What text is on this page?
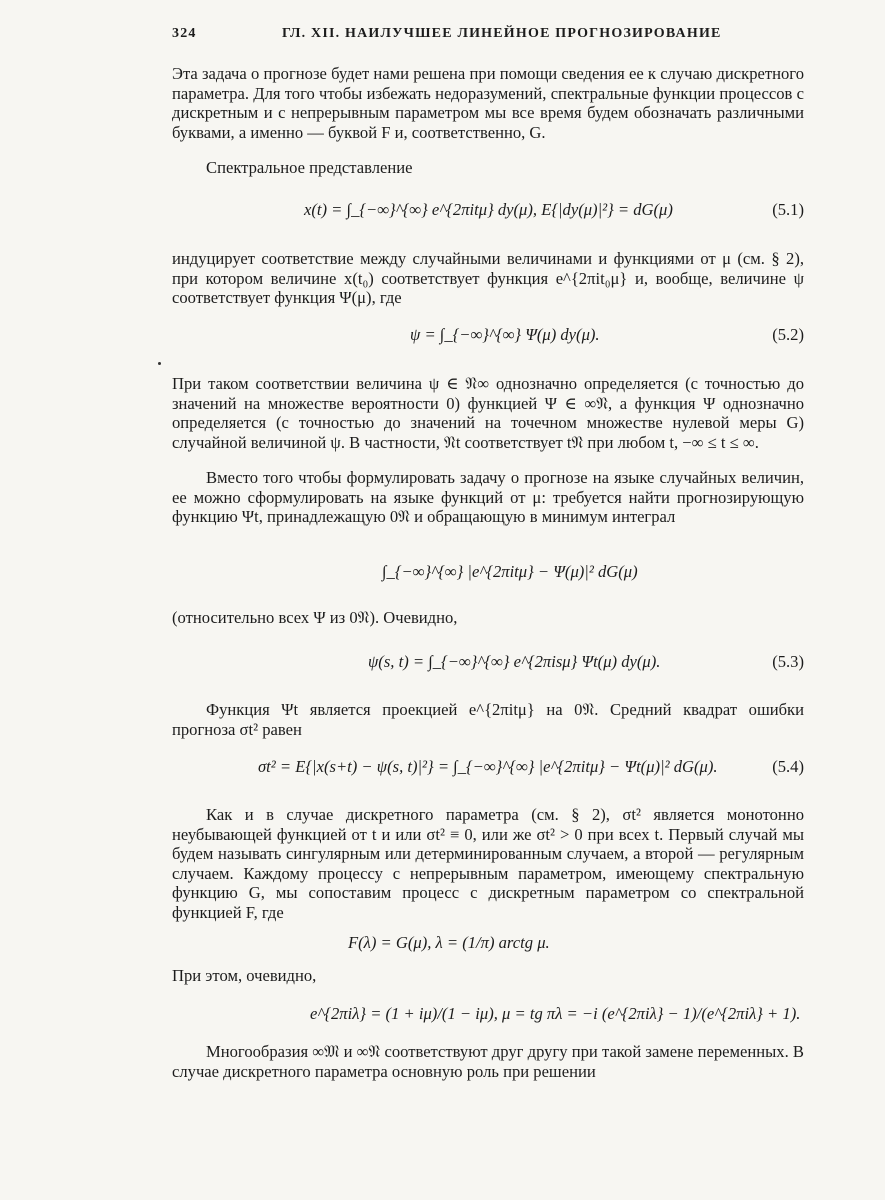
324	ГЛ. XII. НАИЛУЧШЕЕ ЛИНЕЙНОЕ ПРОГНОЗИРОВАНИЕ

Эта задача о прогнозе будет нами решена при помощи сведения ее к случаю дискретного параметра. Для того чтобы избежать недоразумений, спектральные функции процессов с дискретным и с непрерывным параметром мы все время будем обозначать различными буквами, а именно — буквой F и, соответственно, G.

Спектральное представление

x(t) = ∫_{−∞}^{∞} e^{2πitμ} dy(μ), E{|dy(μ)|²} = dG(μ)	(5.1)

индуцирует соответствие между случайными величинами и функциями от μ (см. § 2), при котором величине x(t₀) соответствует функция e^{2πit₀μ} и, вообще, величине ψ соответствует функция Ψ(μ), где

ψ = ∫_{−∞}^{∞} Ψ(μ) dy(μ).	(5.2)

При таком соответствии величина ψ ∈ 𝔑∞ однозначно определяется (с точностью до значений на множестве вероятности 0) функцией Ψ ∈ ∞𝔑, а функция Ψ однозначно определяется (с точностью до значений на точечном множестве нулевой меры G) случайной величиной ψ. В частности, 𝔑t соответствует t𝔑 при любом t, −∞ ≤ t ≤ ∞.

Вместо того чтобы формулировать задачу о прогнозе на языке случайных величин, ее можно сформулировать на языке функций от μ: требуется найти прогнозирующую функцию Ψt, принадлежащую 0𝔑 и обращающую в минимум интеграл

∫_{−∞}^{∞} |e^{2πitμ} − Ψ(μ)|² dG(μ)

(относительно всех Ψ из 0𝔑). Очевидно,

ψ(s, t) = ∫_{−∞}^{∞} e^{2πisμ} Ψt(μ) dy(μ).	(5.3)

Функция Ψt является проекцией e^{2πitμ} на 0𝔑. Средний квадрат ошибки прогноза σt² равен

σt² = E{|x(s+t) − ψ(s, t)|²} = ∫_{−∞}^{∞} |e^{2πitμ} − Ψt(μ)|² dG(μ).	(5.4)

Как и в случае дискретного параметра (см. § 2), σt² является монотонно неубывающей функцией от t и или σt² ≡ 0, или же σt² > 0 при всех t. Первый случай мы будем называть сингулярным или детерминированным случаем, а второй — регулярным случаем. Каждому процессу с непрерывным параметром, имеющему спектральную функцию G, мы сопоставим процесс с дискретным параметром со спектральной функцией F, где

F(λ) = G(μ), λ = (1/π) arctg μ.

При этом, очевидно,

e^{2πiλ} = (1 + iμ)/(1 − iμ), μ = tg πλ = −i (e^{2πiλ} − 1)/(e^{2πiλ} + 1).

Многообразия ∞𝔐 и ∞𝔑 соответствуют друг другу при такой замене переменных. В случае дискретного параметра основную роль при решении
